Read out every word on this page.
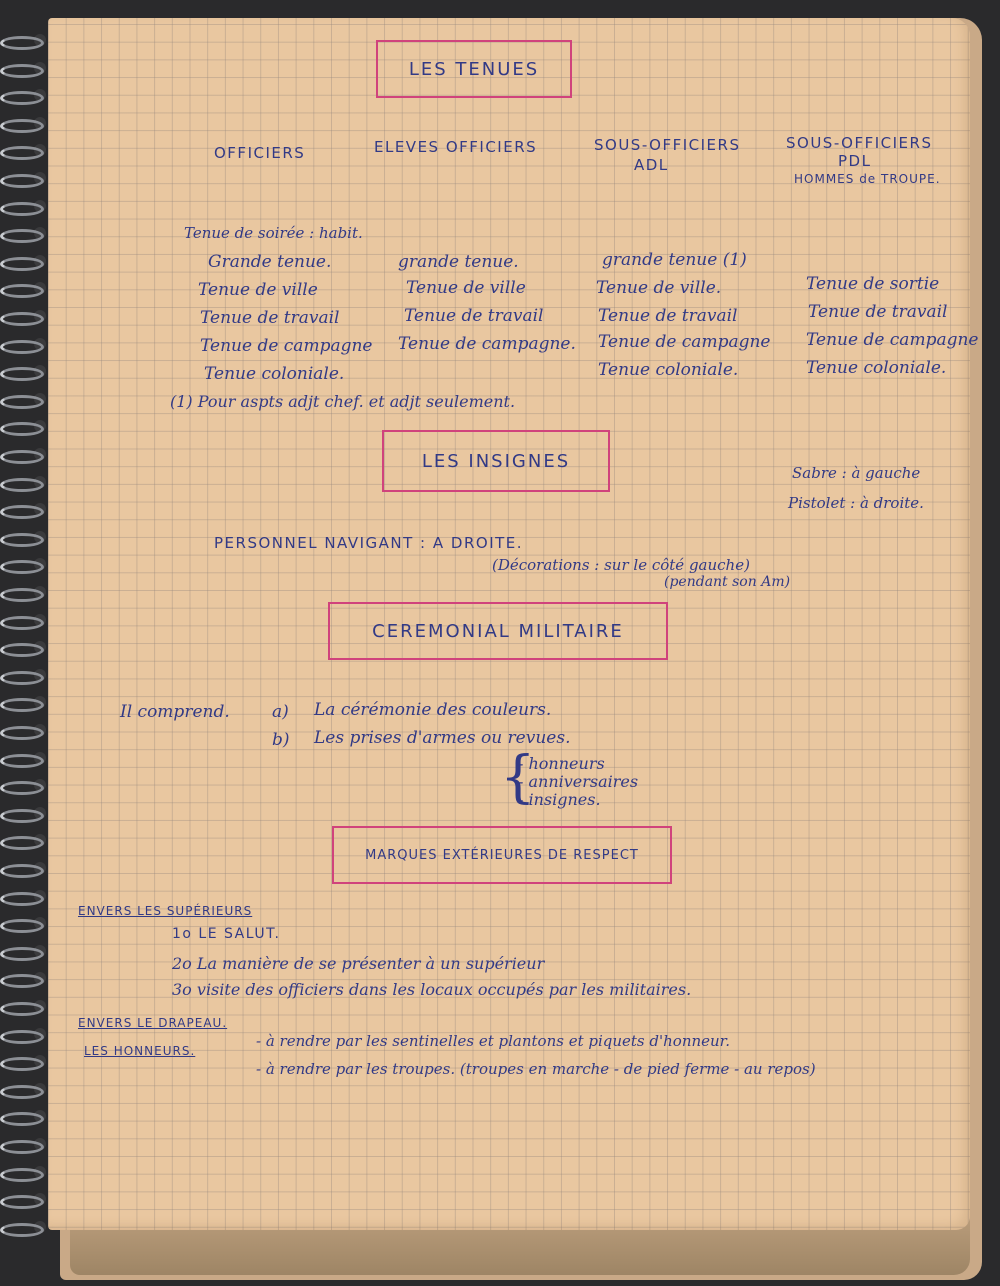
LES TENUES
OFFICIERS	ELEVES OFFICIERS	SOUS-OFFICIERS
ADL
SOUS-OFFICIERS
PDL
HOMMES de TROUPE.
Tenue de soirée : habit.
Grande tenue.
Tenue de ville
Tenue de travail
Tenue de campagne
Tenue coloniale.
grande tenue.
Tenue de ville
Tenue de travail
Tenue de campagne.
grande tenue (1)
Tenue de ville.
Tenue de travail
Tenue de campagne
Tenue coloniale.
Tenue de sortie
Tenue de travail
Tenue de campagne
Tenue coloniale.
(1) Pour aspts adjt chef. et adjt seulement.
LES INSIGNES
Sabre : à gauche
Pistolet : à droite.
PERSONNEL NAVIGANT : A DROITE.
(Décorations : sur le côté gauche)
(pendant son Am)
CEREMONIAL MILITAIRE
Il comprend. a) La cérémonie des couleurs.
b) Les prises d'armes ou revues.
{
- honneurs
- anniversaires
- insignes.
MARQUES EXTÉRIEURES DE RESPECT
ENVERS LES SUPÉRIEURS
1o LE SALUT.
2o La manière de se présenter à un supérieur
3o visite des officiers dans les locaux occupés par les militaires.
ENVERS LE DRAPEAU.
LES HONNEURS.
- à rendre par les sentinelles et plantons et piquets d'honneur.
- à rendre par les troupes. (troupes en marche - de pied ferme - au repos)
